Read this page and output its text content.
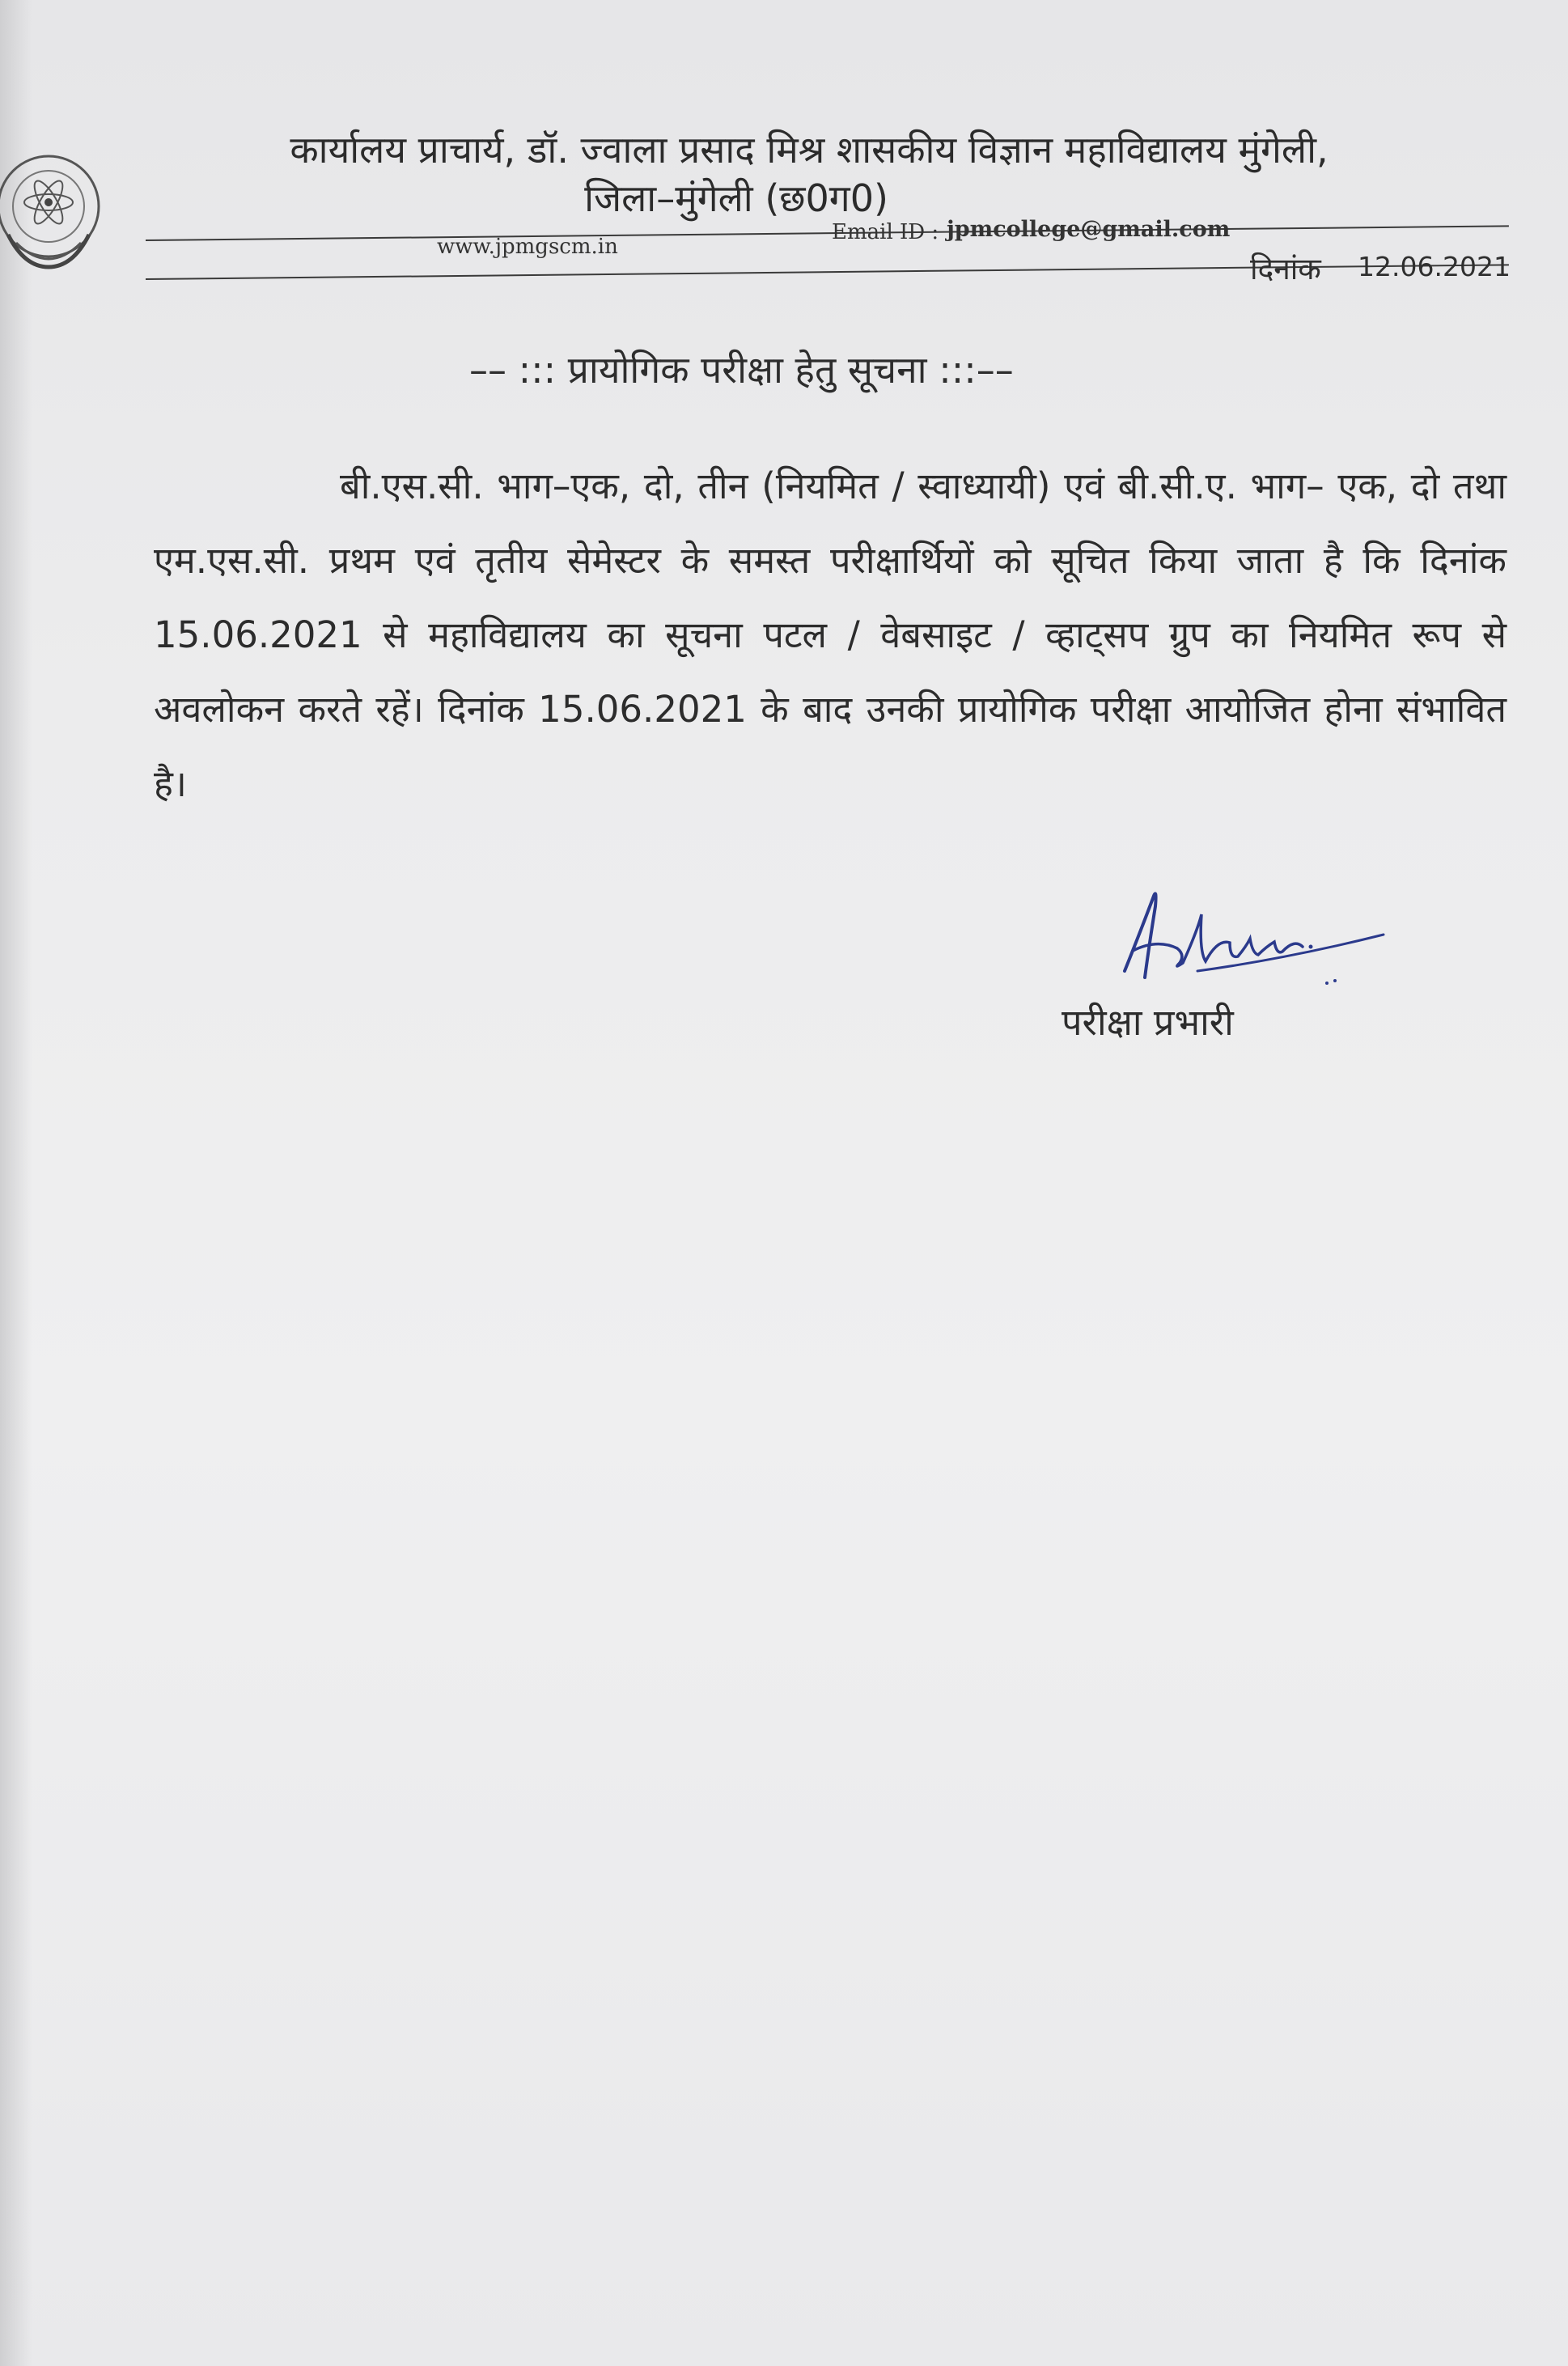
कार्यालय प्राचार्य, डॉ. ज्वाला प्रसाद मिश्र शासकीय विज्ञान महाविद्यालय मुंगेली,
जिला–मुंगेली (छ0ग0)
www.jpmgscm.in
Email ID : jpmcollege@gmail.com
दिनांक 12.06.2021
–– ::: प्रायोगिक परीक्षा हेतु सूचना :::––
बी.एस.सी. भाग–एक, दो, तीन (नियमित / स्वाध्यायी) एवं बी.सी.ए. भाग– एक, दो तथा एम.एस.सी. प्रथम एवं तृतीय सेमेस्टर के समस्त परीक्षार्थियों को सूचित किया जाता है कि दिनांक 15.06.2021 से महाविद्यालय का सूचना पटल / वेबसाइट / व्हाट्सप ग्रुप का नियमित रूप से अवलोकन करते रहें। दिनांक 15.06.2021 के बाद उनकी प्रायोगिक परीक्षा आयोजित होना संभावित है।
परीक्षा प्रभारी
